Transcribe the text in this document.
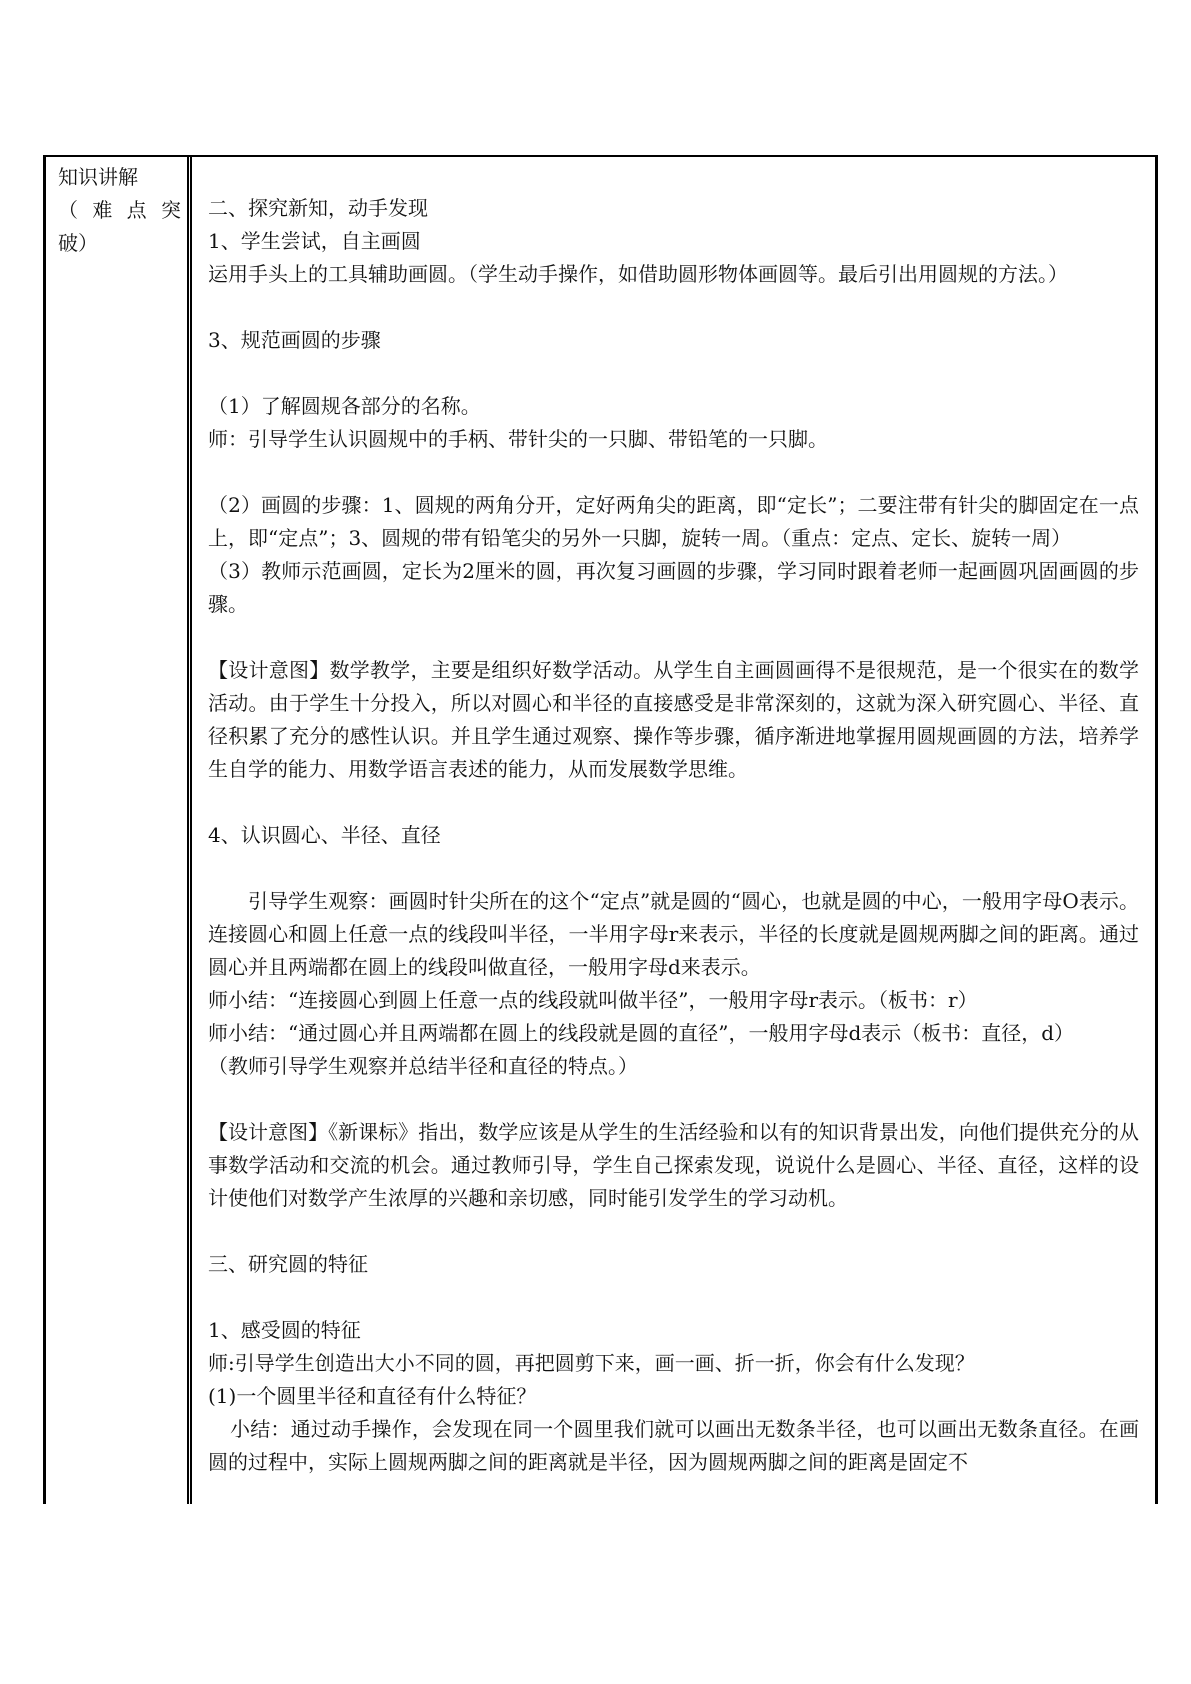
知识讲解
（ 难 点 突
破）

二、探究新知，动手发现

1、学生尝试，自主画圆

运用手头上的工具辅助画圆。（学生动手操作，如借助圆形物体画圆等。最后引出用圆规的方法。）

3、规范画圆的步骤

（1）了解圆规各部分的名称。

师：引导学生认识圆规中的手柄、带针尖的一只脚、带铅笔的一只脚。

（2）画圆的步骤：1、圆规的两角分开，定好两角尖的距离，即“定长”；二要注带有针尖的脚固定在一点上，即“定点”；3、圆规的带有铅笔尖的另外一只脚，旋转一周。（重点：定点、定长、旋转一周）

（3）教师示范画圆，定长为2厘米的圆，再次复习画圆的步骤，学习同时跟着老师一起画圆巩固画圆的步骤。

【设计意图】数学教学，主要是组织好数学活动。从学生自主画圆画得不是很规范，是一个很实在的数学活动。由于学生十分投入，所以对圆心和半径的直接感受是非常深刻的，这就为深入研究圆心、半径、直径积累了充分的感性认识。并且学生通过观察、操作等步骤，循序渐进地掌握用圆规画圆的方法，培养学生自学的能力、用数学语言表述的能力，从而发展数学思维。

4、认识圆心、半径、直径

引导学生观察：画圆时针尖所在的这个“定点”就是圆的“圆心，也就是圆的中心，一般用字母O表示。连接圆心和圆上任意一点的线段叫半径，一半用字母r来表示，半径的长度就是圆规两脚之间的距离。通过圆心并且两端都在圆上的线段叫做直径，一般用字母d来表示。

师小结：“连接圆心到圆上任意一点的线段就叫做半径”，一般用字母r表示。（板书：r）

师小结：“通过圆心并且两端都在圆上的线段就是圆的直径”，一般用字母d表示（板书：直径，d）

（教师引导学生观察并总结半径和直径的特点。）

【设计意图】《新课标》指出，数学应该是从学生的生活经验和以有的知识背景出发，向他们提供充分的从事数学活动和交流的机会。通过教师引导，学生自己探索发现，说说什么是圆心、半径、直径，这样的设计使他们对数学产生浓厚的兴趣和亲切感，同时能引发学生的学习动机。

三、研究圆的特征

1、感受圆的特征

师:引导学生创造出大小不同的圆，再把圆剪下来，画一画、折一折，你会有什么发现？

(1)一个圆里半径和直径有什么特征？

小结：通过动手操作，会发现在同一个圆里我们就可以画出无数条半径，也可以画出无数条直径。在画圆的过程中，实际上圆规两脚之间的距离就是半径，因为圆规两脚之间的距离是固定不
